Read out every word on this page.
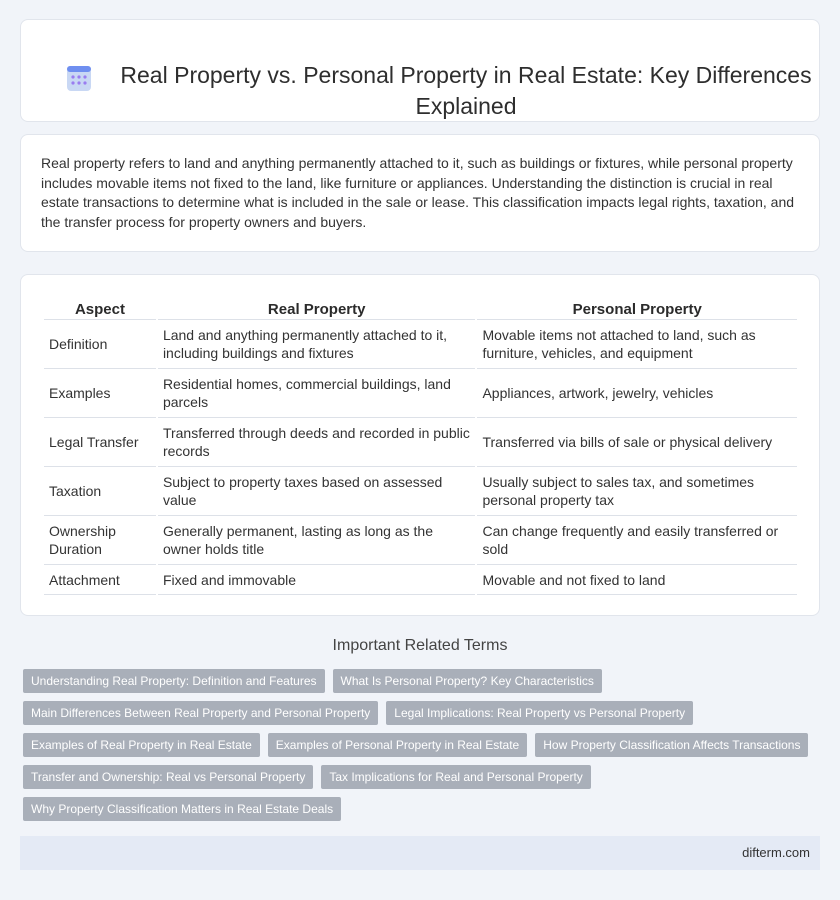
Real Property vs. Personal Property in Real Estate: Key Differences Explained

Real property refers to land and anything permanently attached to it, such as buildings or fixtures, while personal property includes movable items not fixed to the land, like furniture or appliances. Understanding the distinction is crucial in real estate transactions to determine what is included in the sale or lease. This classification impacts legal rights, taxation, and the transfer process for property owners and buyers.

Aspect	Real Property	Personal Property
Definition	Land and anything permanently attached to it, including buildings and fixtures	Movable items not attached to land, such as furniture, vehicles, and equipment
Examples	Residential homes, commercial buildings, land parcels	Appliances, artwork, jewelry, vehicles
Legal Transfer	Transferred through deeds and recorded in public records	Transferred via bills of sale or physical delivery
Taxation	Subject to property taxes based on assessed value	Usually subject to sales tax, and sometimes personal property tax
Ownership Duration	Generally permanent, lasting as long as the owner holds title	Can change frequently and easily transferred or sold
Attachment	Fixed and immovable	Movable and not fixed to land
Important Related Terms
Understanding Real Property: Definition and Features	What Is Personal Property? Key Characteristics
Main Differences Between Real Property and Personal Property	Legal Implications: Real Property vs Personal Property
Examples of Real Property in Real Estate	Examples of Personal Property in Real Estate	How Property Classification Affects Transactions
Transfer and Ownership: Real vs Personal Property	Tax Implications for Real and Personal Property
Why Property Classification Matters in Real Estate Deals
difterm.com
